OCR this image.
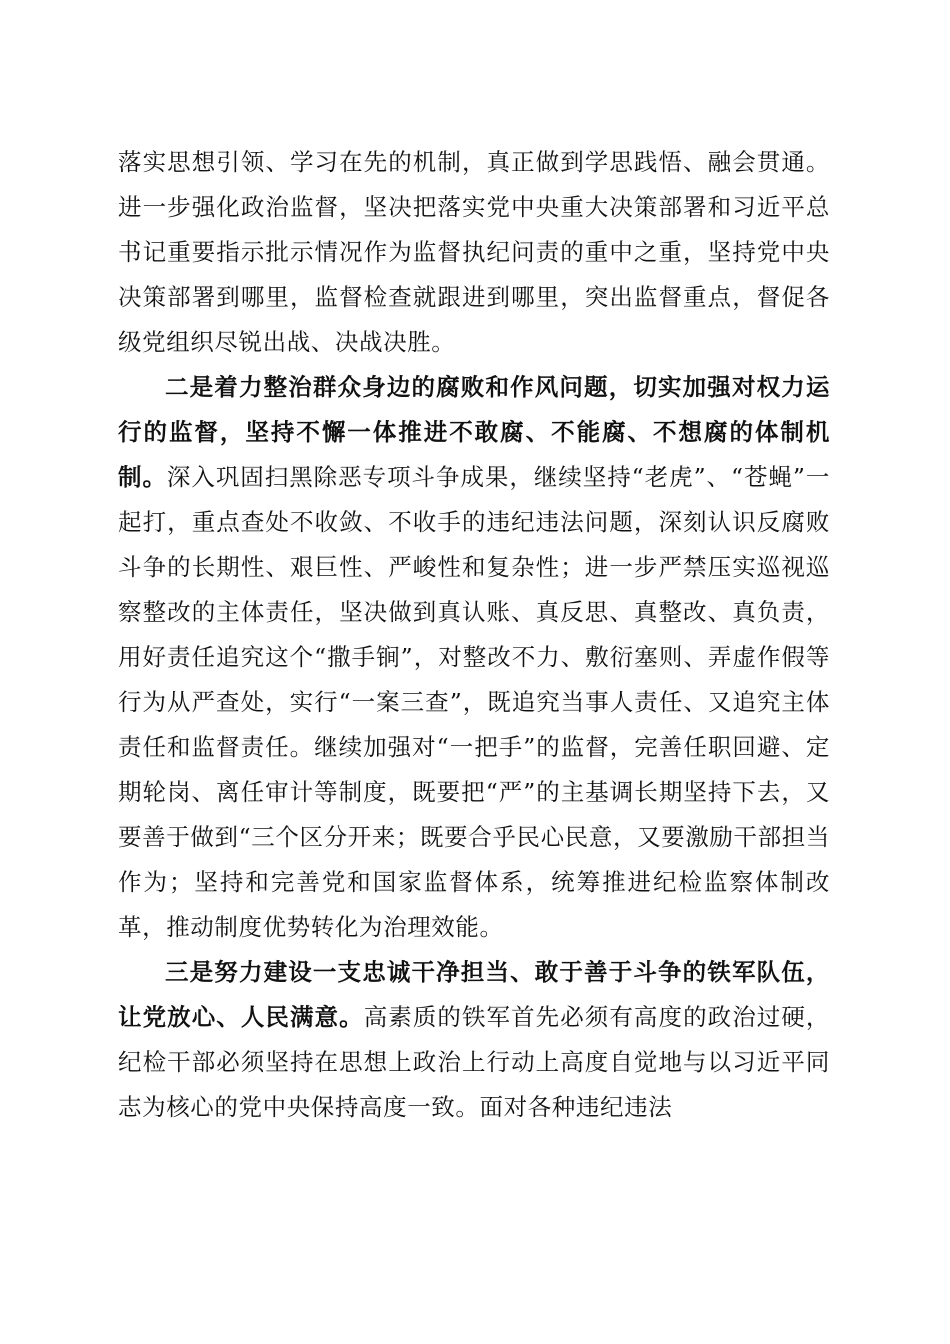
落实思想引领、学习在先的机制，真正做到学思践悟、融会贯通。进一步强化政治监督，坚决把落实党中央重大决策部署和习近平总书记重要指示批示情况作为监督执纪问责的重中之重，坚持党中央决策部署到哪里，监督检查就跟进到哪里，突出监督重点，督促各级党组织尽锐出战、决战决胜。

二是着力整治群众身边的腐败和作风问题，切实加强对权力运行的监督，坚持不懈一体推进不敢腐、不能腐、不想腐的体制机制。深入巩固扫黑除恶专项斗争成果，继续坚持“老虎”、“苍蝇”一起打，重点查处不收敛、不收手的违纪违法问题，深刻认识反腐败斗争的长期性、艰巨性、严峻性和复杂性；进一步严禁压实巡视巡察整改的主体责任，坚决做到真认账、真反思、真整改、真负责，用好责任追究这个“撒手锏”，对整改不力、敷衍塞则、弄虚作假等行为从严查处，实行“一案三查”，既追究当事人责任、又追究主体责任和监督责任。继续加强对“一把手”的监督，完善任职回避、定期轮岗、离任审计等制度，既要把“严”的主基调长期坚持下去，又要善于做到“三个区分开来；既要合乎民心民意，又要激励干部担当作为；坚持和完善党和国家监督体系，统筹推进纪检监察体制改革，推动制度优势转化为治理效能。

三是努力建设一支忠诚干净担当、敢于善于斗争的铁军队伍，让党放心、人民满意。高素质的铁军首先必须有高度的政治过硬，纪检干部必须坚持在思想上政治上行动上高度自觉地与以习近平同志为核心的党中央保持高度一致。面对各种违纪违法
